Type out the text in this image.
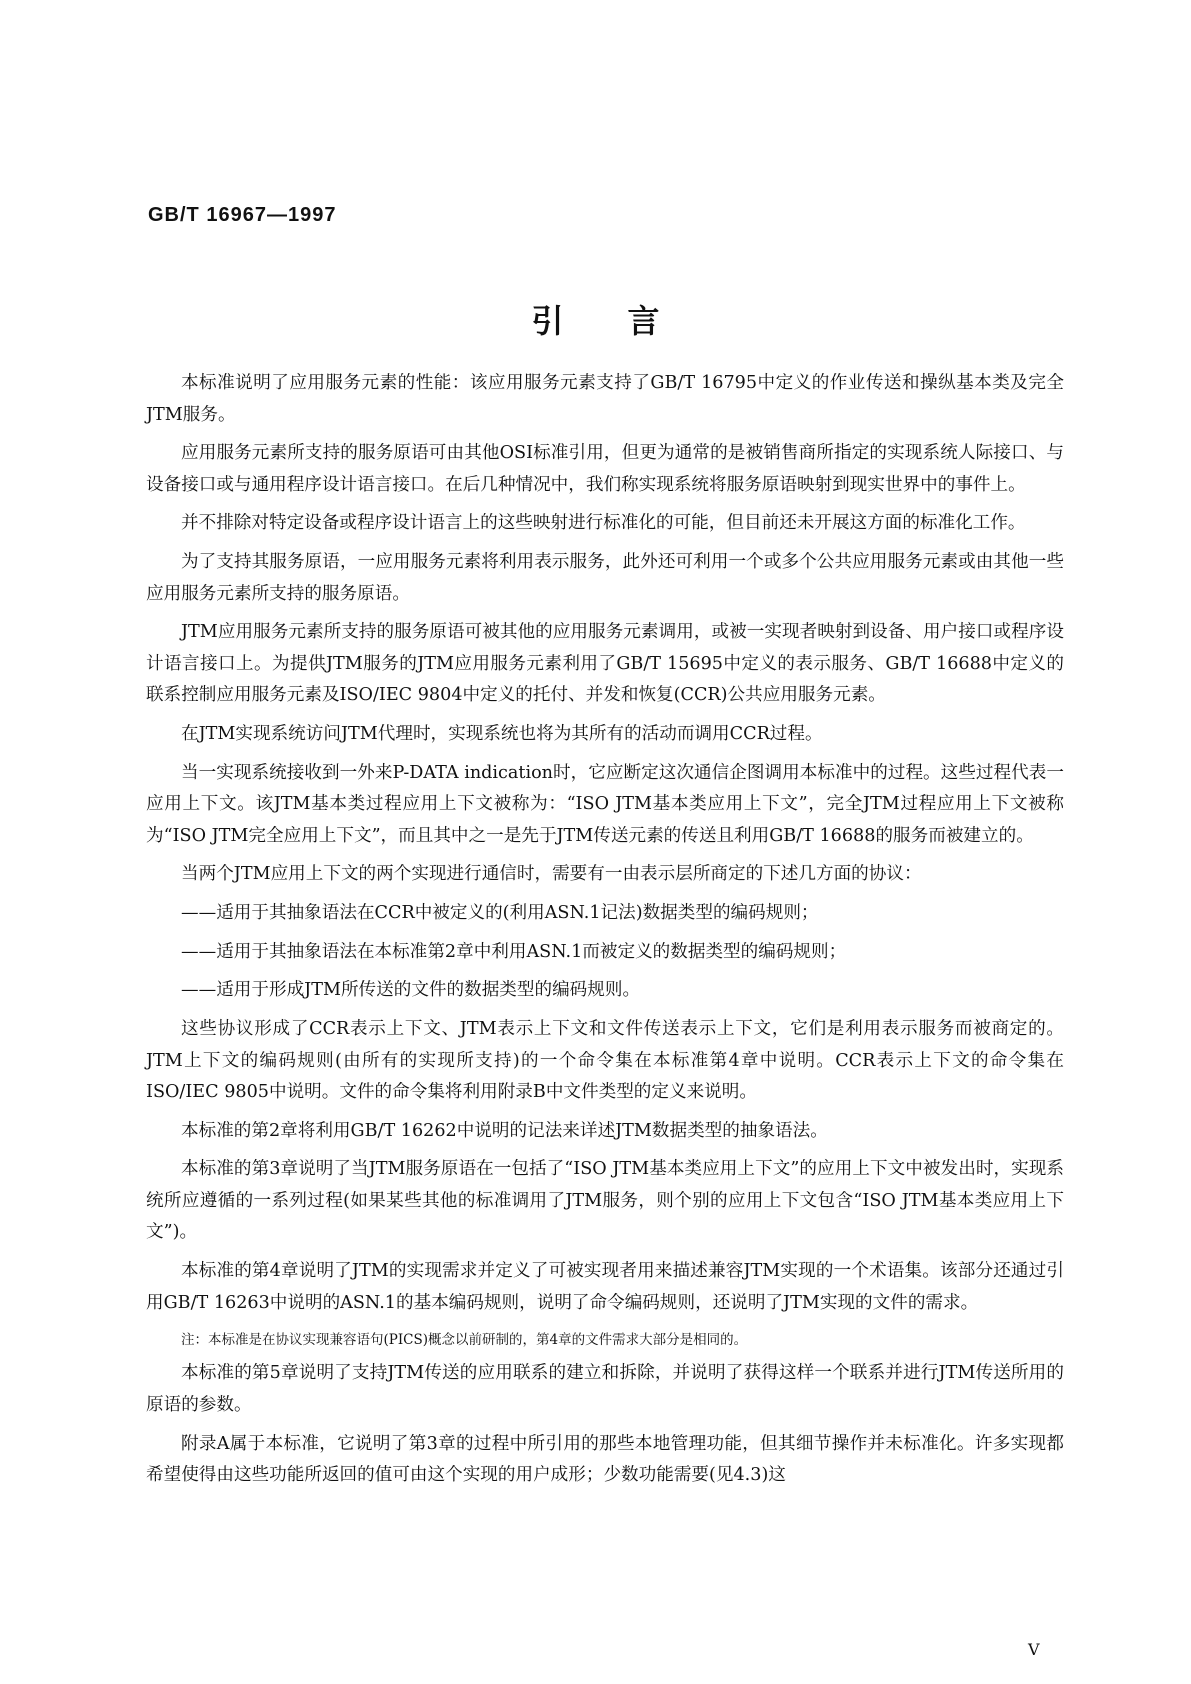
GB/T 16967—1997
引言

本标准说明了应用服务元素的性能：该应用服务元素支持了GB/T 16795中定义的作业传送和操纵基本类及完全JTM服务。

应用服务元素所支持的服务原语可由其他OSI标准引用，但更为通常的是被销售商所指定的实现系统人际接口、与设备接口或与通用程序设计语言接口。在后几种情况中，我们称实现系统将服务原语映射到现实世界中的事件上。

并不排除对特定设备或程序设计语言上的这些映射进行标准化的可能，但目前还未开展这方面的标准化工作。

为了支持其服务原语，一应用服务元素将利用表示服务，此外还可利用一个或多个公共应用服务元素或由其他一些应用服务元素所支持的服务原语。

JTM应用服务元素所支持的服务原语可被其他的应用服务元素调用，或被一实现者映射到设备、用户接口或程序设计语言接口上。为提供JTM服务的JTM应用服务元素利用了GB/T 15695中定义的表示服务、GB/T 16688中定义的联系控制应用服务元素及ISO/IEC 9804中定义的托付、并发和恢复(CCR)公共应用服务元素。

在JTM实现系统访问JTM代理时，实现系统也将为其所有的活动而调用CCR过程。

当一实现系统接收到一外来P-DATA indication时，它应断定这次通信企图调用本标准中的过程。这些过程代表一应用上下文。该JTM基本类过程应用上下文被称为：“ISO JTM基本类应用上下文”，完全JTM过程应用上下文被称为“ISO JTM完全应用上下文”，而且其中之一是先于JTM传送元素的传送且利用GB/T 16688的服务而被建立的。

当两个JTM应用上下文的两个实现进行通信时，需要有一由表示层所商定的下述几方面的协议：

——适用于其抽象语法在CCR中被定义的(利用ASN.1记法)数据类型的编码规则；

——适用于其抽象语法在本标准第2章中利用ASN.1而被定义的数据类型的编码规则；

——适用于形成JTM所传送的文件的数据类型的编码规则。

这些协议形成了CCR表示上下文、JTM表示上下文和文件传送表示上下文，它们是利用表示服务而被商定的。JTM上下文的编码规则(由所有的实现所支持)的一个命令集在本标准第4章中说明。CCR表示上下文的命令集在ISO/IEC 9805中说明。文件的命令集将利用附录B中文件类型的定义来说明。

本标准的第2章将利用GB/T 16262中说明的记法来详述JTM数据类型的抽象语法。

本标准的第3章说明了当JTM服务原语在一包括了“ISO JTM基本类应用上下文”的应用上下文中被发出时，实现系统所应遵循的一系列过程(如果某些其他的标准调用了JTM服务，则个别的应用上下文包含“ISO JTM基本类应用上下文”)。

本标准的第4章说明了JTM的实现需求并定义了可被实现者用来描述兼容JTM实现的一个术语集。该部分还通过引用GB/T 16263中说明的ASN.1的基本编码规则，说明了命令编码规则，还说明了JTM实现的文件的需求。

注：本标准是在协议实现兼容语句(PICS)概念以前研制的，第4章的文件需求大部分是相同的。

本标准的第5章说明了支持JTM传送的应用联系的建立和拆除，并说明了获得这样一个联系并进行JTM传送所用的原语的参数。

附录A属于本标准，它说明了第3章的过程中所引用的那些本地管理功能，但其细节操作并未标准化。许多实现都希望使得由这些功能所返回的值可由这个实现的用户成形；少数功能需要(见4.3)这

V
